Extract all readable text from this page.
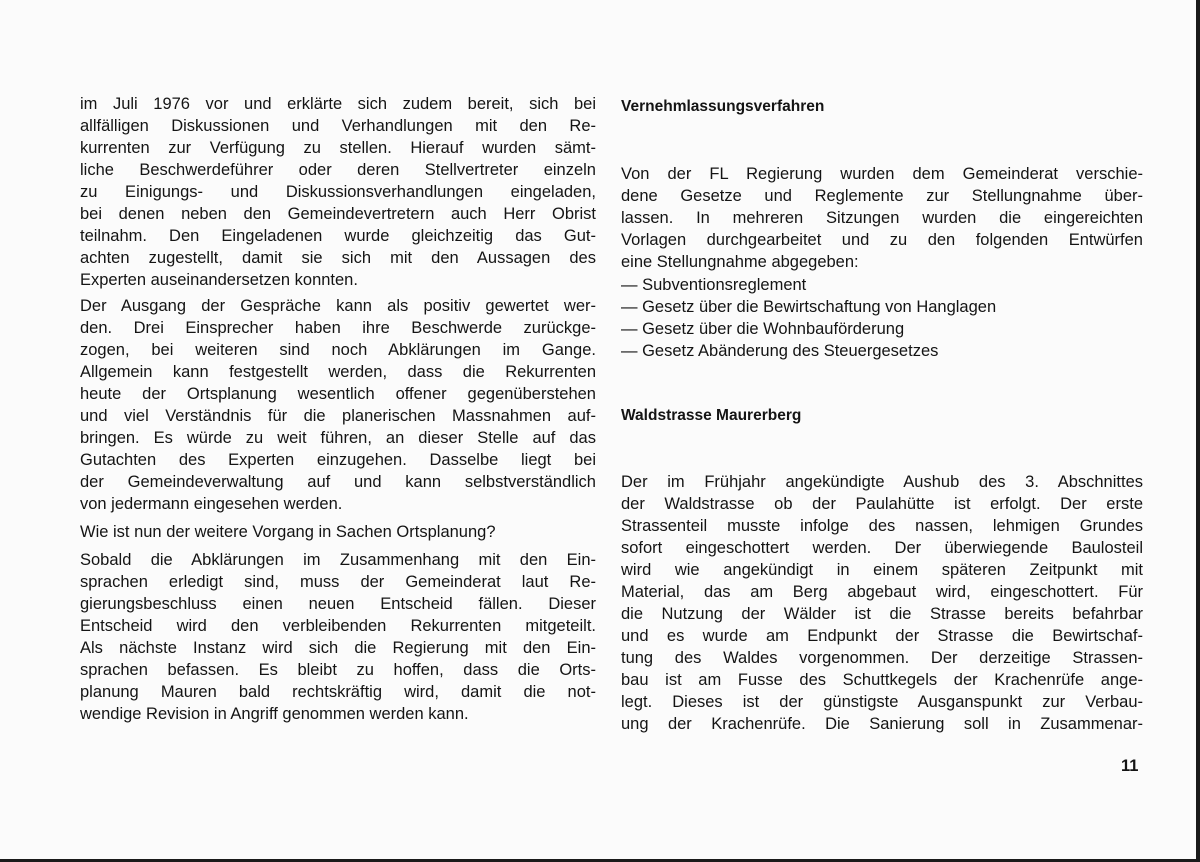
im Juli 1976 vor und erklärte sich zudem bereit, sich bei
allfälligen Diskussionen und Verhandlungen mit den Re-
kurrenten zur Verfügung zu stellen. Hierauf wurden sämt-
liche Beschwerdeführer oder deren Stellvertreter einzeln
zu Einigungs- und Diskussionsverhandlungen eingeladen,
bei denen neben den Gemeindevertretern auch Herr Obrist
teilnahm. Den Eingeladenen wurde gleichzeitig das Gut-
achten zugestellt, damit sie sich mit den Aussagen des
Experten auseinandersetzen konnten.
Der Ausgang der Gespräche kann als positiv gewertet wer-
den. Drei Einsprecher haben ihre Beschwerde zurückge-
zogen, bei weiteren sind noch Abklärungen im Gange.
Allgemein kann festgestellt werden, dass die Rekurrenten
heute der Ortsplanung wesentlich offener gegenüberstehen
und viel Verständnis für die planerischen Massnahmen auf-
bringen. Es würde zu weit führen, an dieser Stelle auf das
Gutachten des Experten einzugehen. Dasselbe liegt bei
der Gemeindeverwaltung auf und kann selbstverständlich
von jedermann eingesehen werden.
Wie ist nun der weitere Vorgang in Sachen Ortsplanung?
Sobald die Abklärungen im Zusammenhang mit den Ein-
sprachen erledigt sind, muss der Gemeinderat laut Re-
gierungsbeschluss einen neuen Entscheid fällen. Dieser
Entscheid wird den verbleibenden Rekurrenten mitgeteilt.
Als nächste Instanz wird sich die Regierung mit den Ein-
sprachen befassen. Es bleibt zu hoffen, dass die Orts-
planung Mauren bald rechtskräftig wird, damit die not-
wendige Revision in Angriff genommen werden kann.
Vernehmlassungsverfahren
Von der FL Regierung wurden dem Gemeinderat verschie-
dene Gesetze und Reglemente zur Stellungnahme über-
lassen. In mehreren Sitzungen wurden die eingereichten
Vorlagen durchgearbeitet und zu den folgenden Entwürfen
eine Stellungnahme abgegeben:
— Subventionsreglement
— Gesetz über die Bewirtschaftung von Hanglagen
— Gesetz über die Wohnbauförderung
— Gesetz Abänderung des Steuergesetzes
Waldstrasse Maurerberg
Der im Frühjahr angekündigte Aushub des 3. Abschnittes
der Waldstrasse ob der Paulahütte ist erfolgt. Der erste
Strassenteil musste infolge des nassen, lehmigen Grundes
sofort eingeschottert werden. Der überwiegende Baulosteil
wird wie angekündigt in einem späteren Zeitpunkt mit
Material, das am Berg abgebaut wird, eingeschottert. Für
die Nutzung der Wälder ist die Strasse bereits befahrbar
und es wurde am Endpunkt der Strasse die Bewirtschaf-
tung des Waldes vorgenommen. Der derzeitige Strassen-
bau ist am Fusse des Schuttkegels der Krachenrüfe ange-
legt. Dieses ist der günstigste Ausganspunkt zur Verbau-
ung der Krachenrüfe. Die Sanierung soll in Zusammenar-
11
